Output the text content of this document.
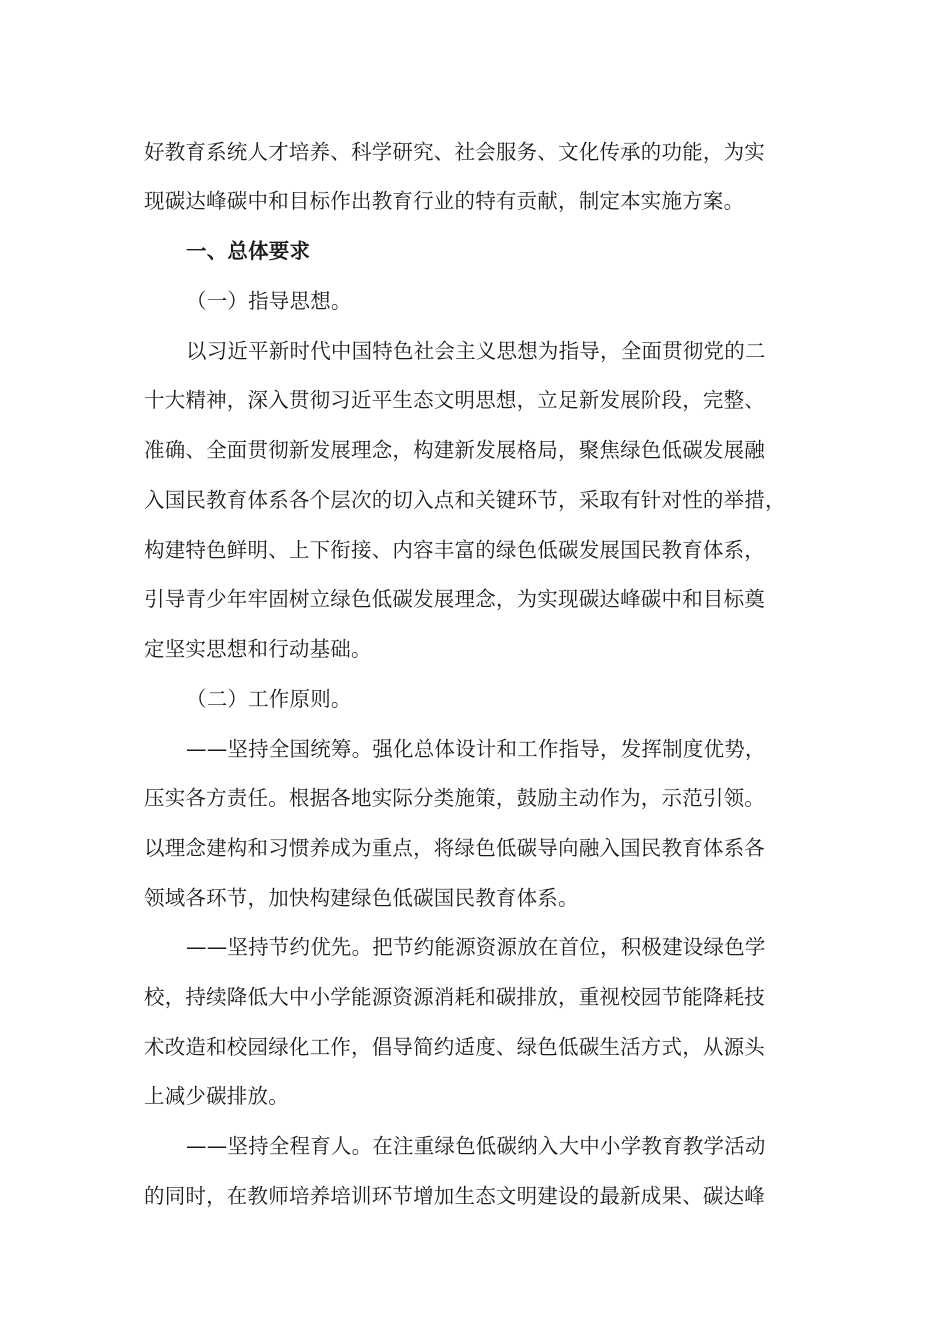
好教育系统人才培养、科学研究、社会服务、文化传承的功能，为实
现碳达峰碳中和目标作出教育行业的特有贡献，制定本实施方案。
一、总体要求
（一）指导思想。
以习近平新时代中国特色社会主义思想为指导，全面贯彻党的二
十大精神，深入贯彻习近平生态文明思想，立足新发展阶段，完整、
准确、全面贯彻新发展理念，构建新发展格局，聚焦绿色低碳发展融
入国民教育体系各个层次的切入点和关键环节，采取有针对性的举措，
构建特色鲜明、上下衔接、内容丰富的绿色低碳发展国民教育体系，
引导青少年牢固树立绿色低碳发展理念，为实现碳达峰碳中和目标奠
定坚实思想和行动基础。
（二）工作原则。
——坚持全国统筹。强化总体设计和工作指导，发挥制度优势，
压实各方责任。根据各地实际分类施策，鼓励主动作为，示范引领。
以理念建构和习惯养成为重点，将绿色低碳导向融入国民教育体系各
领域各环节，加快构建绿色低碳国民教育体系。
——坚持节约优先。把节约能源资源放在首位，积极建设绿色学
校，持续降低大中小学能源资源消耗和碳排放，重视校园节能降耗技
术改造和校园绿化工作，倡导简约适度、绿色低碳生活方式，从源头
上减少碳排放。
——坚持全程育人。在注重绿色低碳纳入大中小学教育教学活动
的同时，在教师培养培训环节增加生态文明建设的最新成果、碳达峰
